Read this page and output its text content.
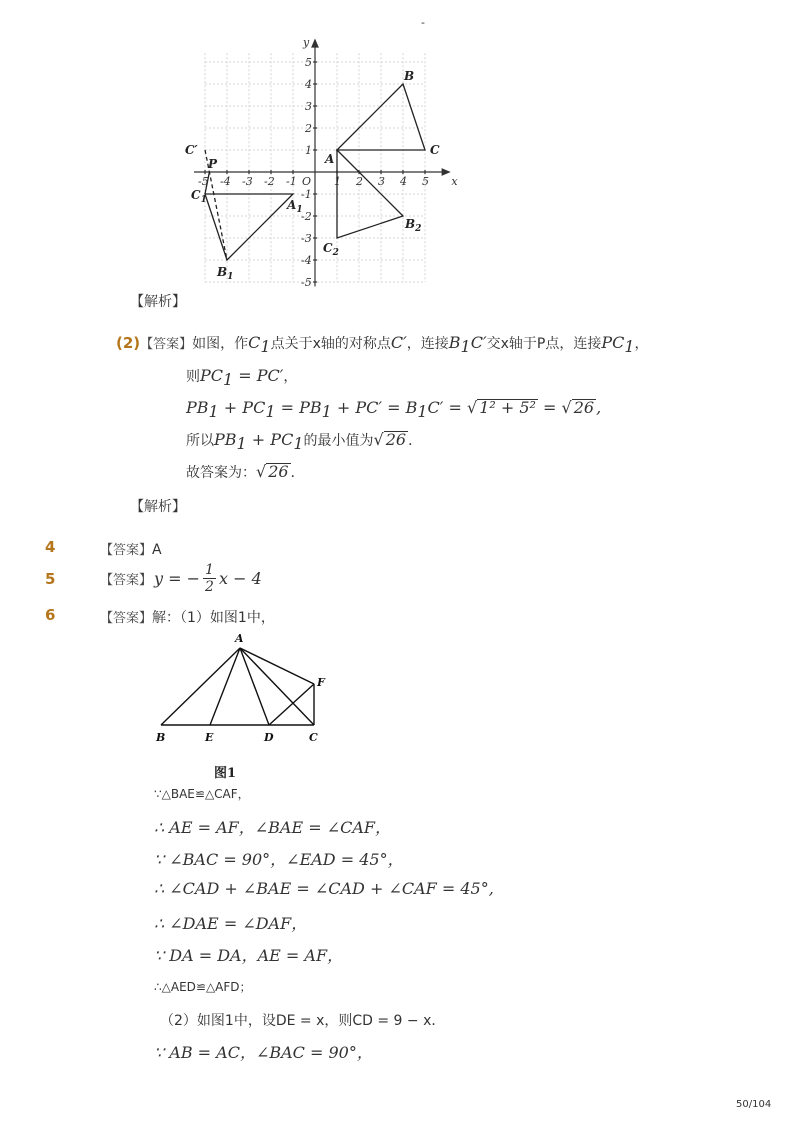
-
-5 -4 -3 -2 -1	1 2 3 4 5
5
4
3
2
1
-1
-2
-3
-4
-5
x
y
O
A
B
C
$A_1$
$B_1$
$C_1$
$B_2$
$C_2$
C′
P
【解析】
(2)【答案】如图，作$C_1$点关于x轴的对称点C′，连接$B_1C'$交x轴于P点，连接$PC_1$，
则$PC_1 = PC'$，
$PB_1 + PC_1 = PB_1 + PC' = B_1C'$ = √ 1² + 5² = √ 26 ,
所以$PB_1 + PC_1$的最小值为√ 26 ．
故答案为：√ 26 ．
【解析】
4	【答案】A
5	【答案】 y = − $\frac{1}{2}$ x − 4
6	【答案】解：（1）如图1中，
A
B	E	D	C
F
图1
∵△BAE≌△CAF，
∴ AE = AF，∠BAE = ∠CAF，
∵ ∠BAC = 90°，∠EAD = 45°，
∴ ∠CAD + ∠BAE = ∠CAD + ∠CAF = 45°,
∴ ∠DAE = ∠DAF，
∵ DA = DA，AE = AF，
∴△AED≌△AFD；
（2）如图1中，设DE = x，则CD = 9 − x．
∵ AB = AC，∠BAC = 90°，
50/104
